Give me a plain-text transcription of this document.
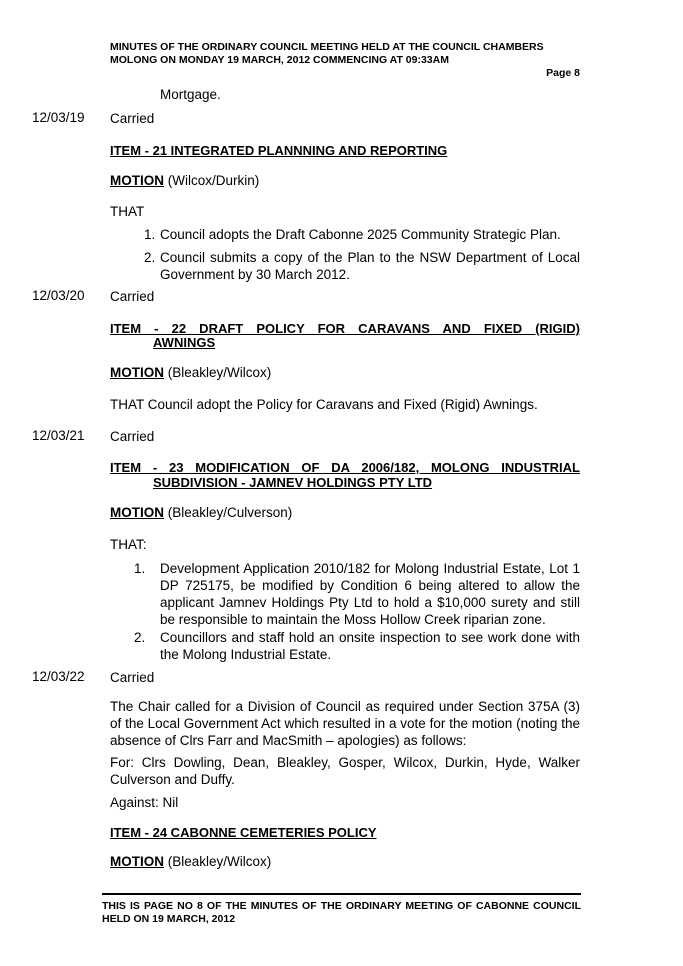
MINUTES OF THE ORDINARY COUNCIL MEETING HELD AT THE COUNCIL CHAMBERS
MOLONG ON MONDAY 19 MARCH, 2012 COMMENCING AT 09:33AM
Page 8
Mortgage.
12/03/19 Carried
ITEM - 21 INTEGRATED PLANNNING AND REPORTING
MOTION (Wilcox/Durkin)
THAT
1. Council adopts the Draft Cabonne 2025 Community Strategic Plan.
2. Council submits a copy of the Plan to the NSW Department of Local Government by 30 March 2012.
12/03/20 Carried
ITEM - 22 DRAFT POLICY FOR CARAVANS AND FIXED (RIGID)
AWNINGS
MOTION (Bleakley/Wilcox)
THAT Council adopt the Policy for Caravans and Fixed (Rigid) Awnings.
12/03/21 Carried
ITEM - 23 MODIFICATION OF DA 2006/182, MOLONG INDUSTRIAL
SUBDIVISION - JAMNEV HOLDINGS PTY LTD
MOTION (Bleakley/Culverson)
THAT:
1. Development Application 2010/182 for Molong Industrial Estate, Lot 1 DP 725175, be modified by Condition 6 being altered to allow the applicant Jamnev Holdings Pty Ltd to hold a $10,000 surety and still be responsible to maintain the Moss Hollow Creek riparian zone.
2. Councillors and staff hold an onsite inspection to see work done with the Molong Industrial Estate.
12/03/22 Carried
The Chair called for a Division of Council as required under Section 375A (3) of the Local Government Act which resulted in a vote for the motion (noting the absence of Clrs Farr and MacSmith – apologies) as follows:
For: Clrs Dowling, Dean, Bleakley, Gosper, Wilcox, Durkin, Hyde, Walker Culverson and Duffy.
Against: Nil
ITEM - 24 CABONNE CEMETERIES POLICY
MOTION (Bleakley/Wilcox)
THIS IS PAGE NO 8 OF THE MINUTES OF THE ORDINARY MEETING OF CABONNE COUNCIL HELD ON 19 MARCH, 2012
